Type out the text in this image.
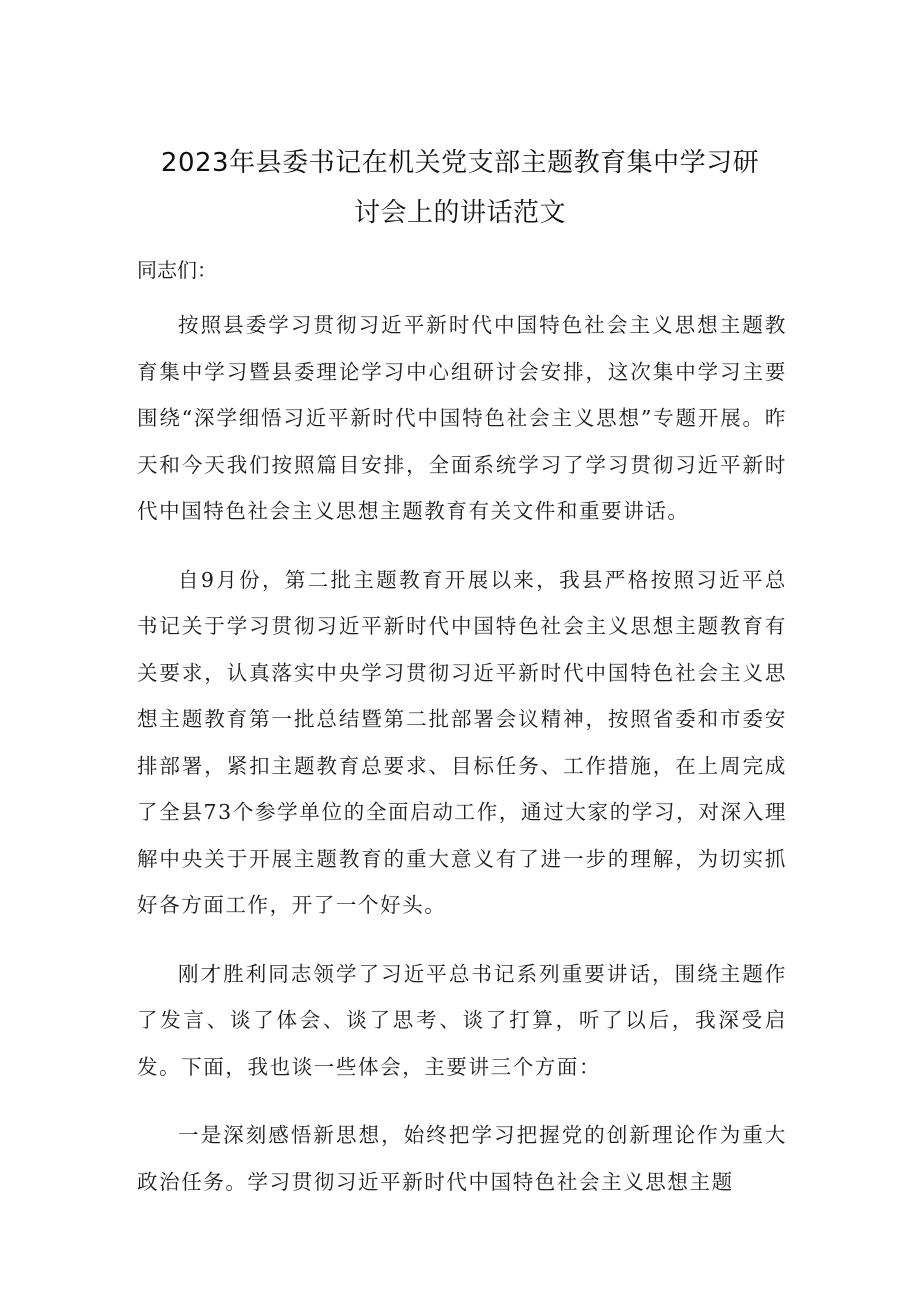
2023年县委书记在机关党支部主题教育集中学习研
讨会上的讲话范文

同志们：

按照县委学习贯彻习近平新时代中国特色社会主义思想主题教育集中学习暨县委理论学习中心组研讨会安排，这次集中学习主要围绕“深学细悟习近平新时代中国特色社会主义思想”专题开展。昨天和今天我们按照篇目安排，全面系统学习了学习贯彻习近平新时代中国特色社会主义思想主题教育有关文件和重要讲话。

自9月份，第二批主题教育开展以来，我县严格按照习近平总书记关于学习贯彻习近平新时代中国特色社会主义思想主题教育有关要求，认真落实中央学习贯彻习近平新时代中国特色社会主义思想主题教育第一批总结暨第二批部署会议精神，按照省委和市委安排部署，紧扣主题教育总要求、目标任务、工作措施，在上周完成了全县73个参学单位的全面启动工作，通过大家的学习，对深入理解中央关于开展主题教育的重大意义有了进一步的理解，为切实抓好各方面工作，开了一个好头。

刚才胜利同志领学了习近平总书记系列重要讲话，围绕主题作了发言、谈了体会、谈了思考、谈了打算，听了以后，我深受启发。下面，我也谈一些体会，主要讲三个方面：

一是深刻感悟新思想，始终把学习把握党的创新理论作为重大政治任务。学习贯彻习近平新时代中国特色社会主义思想主题
